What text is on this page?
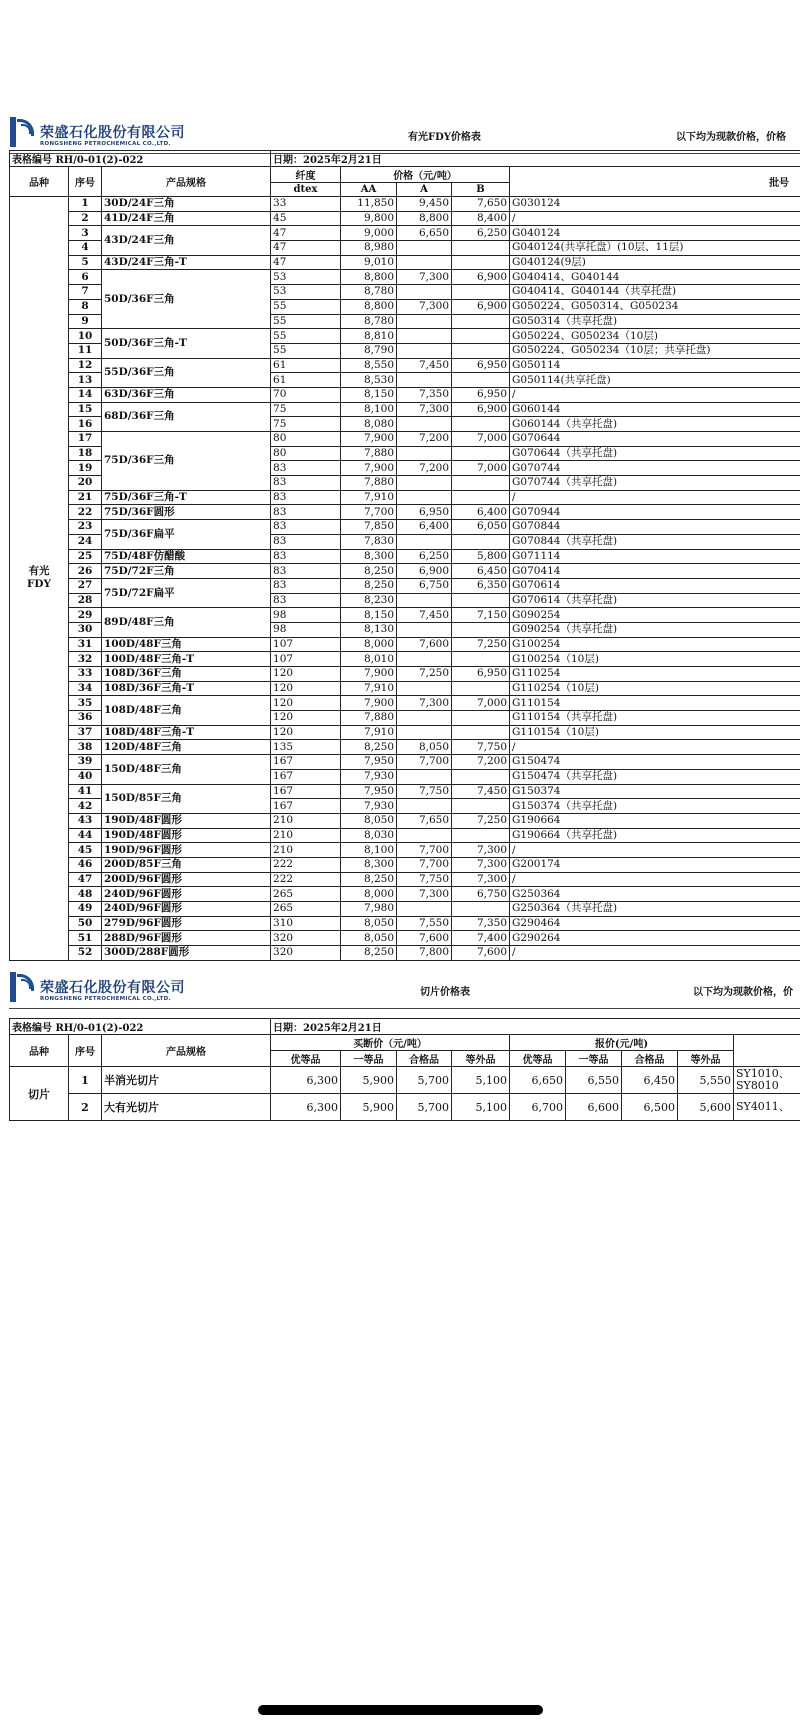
荣盛石化股份有限公司
RONGSHENG PETROCHEMICAL CO.,LTD.
有光FDY价格表	以下均为现款价格，价格
表格编号 RH/0-01(2)-022			日期：2025年2月21日				
品种	序号	产品规格	纤度	价格（元/吨）			批号
			dtex	AA	A	B	
有光FDY	1	30D/24F三角	33	11,850	9,450	7,650	G030124
	2	41D/24F三角	45	9,800	8,800	8,400	/
	3	43D/24F三角	47	9,000	6,650	6,250	G040124
	4		47	8,980			G040124(共享托盘）(10层、11层)
	5	43D/24F三角-T	47	9,010			G040124(9层)
	6	50D/36F三角	53	8,800	7,300	6,900	G040414、G040144
	7		53	8,780			G040414、G040144（共享托盘)
	8		55	8,800	7,300	6,900	G050224、G050314、G050234
	9		55	8,780			G050314（共享托盘)
	10	50D/36F三角-T	55	8,810			G050224、G050234（10层)
	11		55	8,790			G050224、G050234（10层；共享托盘)
	12	55D/36F三角	61	8,550	7,450	6,950	G050114
	13		61	8,530			G050114(共享托盘)
	14	63D/36F三角	70	8,150	7,350	6,950	/
	15	68D/36F三角	75	8,100	7,300	6,900	G060144
	16		75	8,080			G060144（共享托盘)
	17	75D/36F三角	80	7,900	7,200	7,000	G070644
	18		80	7,880			G070644（共享托盘)
	19		83	7,900	7,200	7,000	G070744
	20		83	7,880			G070744（共享托盘)
	21	75D/36F三角-T	83	7,910			/
	22	75D/36F圆形	83	7,700	6,950	6,400	G070944
	23	75D/36F扁平	83	7,850	6,400	6,050	G070844
	24		83	7,830			G070844（共享托盘)
	25	75D/48F仿醋酸	83	8,300	6,250	5,800	G071114
	26	75D/72F三角	83	8,250	6,900	6,450	G070414
	27	75D/72F扁平	83	8,250	6,750	6,350	G070614
	28		83	8,230			G070614（共享托盘)
	29	89D/48F三角	98	8,150	7,450	7,150	G090254
	30		98	8,130			G090254（共享托盘)
	31	100D/48F三角	107	8,000	7,600	7,250	G100254
	32	100D/48F三角-T	107	8,010			G100254（10层)
	33	108D/36F三角	120	7,900	7,250	6,950	G110254
	34	108D/36F三角-T	120	7,910			G110254（10层)
	35	108D/48F三角	120	7,900	7,300	7,000	G110154
	36		120	7,880			G110154（共享托盘)
	37	108D/48F三角-T	120	7,910			G110154（10层)
	38	120D/48F三角	135	8,250	8,050	7,750	/
	39	150D/48F三角	167	7,950	7,700	7,200	G150474
	40		167	7,930			G150474（共享托盘)
	41	150D/85F三角	167	7,950	7,750	7,450	G150374
	42		167	7,930			G150374（共享托盘)
	43	190D/48F圆形	210	8,050	7,650	7,250	G190664
	44	190D/48F圆形	210	8,030			G190664（共享托盘)
	45	190D/96F圆形	210	8,100	7,700	7,300	/
	46	200D/85F三角	222	8,300	7,700	7,300	G200174
	47	200D/96F圆形	222	8,250	7,750	7,300	/
	48	240D/96F圆形	265	8,000	7,300	6,750	G250364
	49	240D/96F圆形	265	7,980			G250364（共享托盘)
	50	279D/96F圆形	310	8,050	7,550	7,350	G290464
	51	288D/96F圆形	320	8,050	7,600	7,400	G290264
	52	300D/288F圆形	320	8,250	7,800	7,600	/
荣盛石化股份有限公司
RONGSHENG PETROCHEMICAL CO.,LTD.
切片价格表	以下均为现款价格，价
表格编号 RH/0-01(2)-022			日期：2025年2月21日								
品种	序号	产品规格	买断价（元/吨）				报价(元/吨)				
			优等品	一等品	合格品	等外品	优等品	一等品	合格品	等外品	
切片	1	半消光切片	6,300	5,900	5,700	5,100	6,650	6,550	6,450	5,550	SY1010、
SY8010

	2	大有光切片	6,300	5,900	5,700	5,100	6,700	6,600	6,500	5,600	SY4011、
